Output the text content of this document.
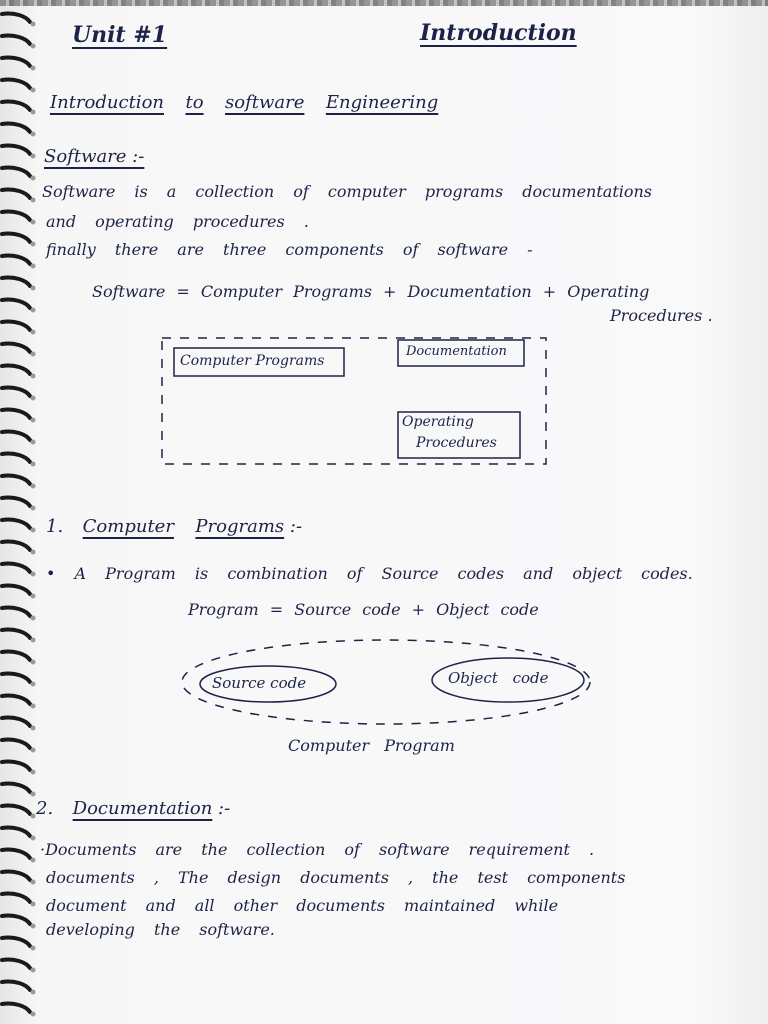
Unit #1	Introduction
Introduction to software Engineering
Software :-
Software is a collection of computer programs documentations
and operating procedures .
finally there are three components of software -
Software = Computer Programs + Documentation + Operating
Procedures .
Computer Programs
Documentation
Operating
Procedures
1. Computer Programs :-
• A Program is combination of Source codes and object codes.
Program = Source code + Object code
Source code	Object code
Computer Program
2. Documentation :-
·Documents are the collection of software requirement .
documents , The design documents , the test components
document and all other documents maintained while
developing the software.
